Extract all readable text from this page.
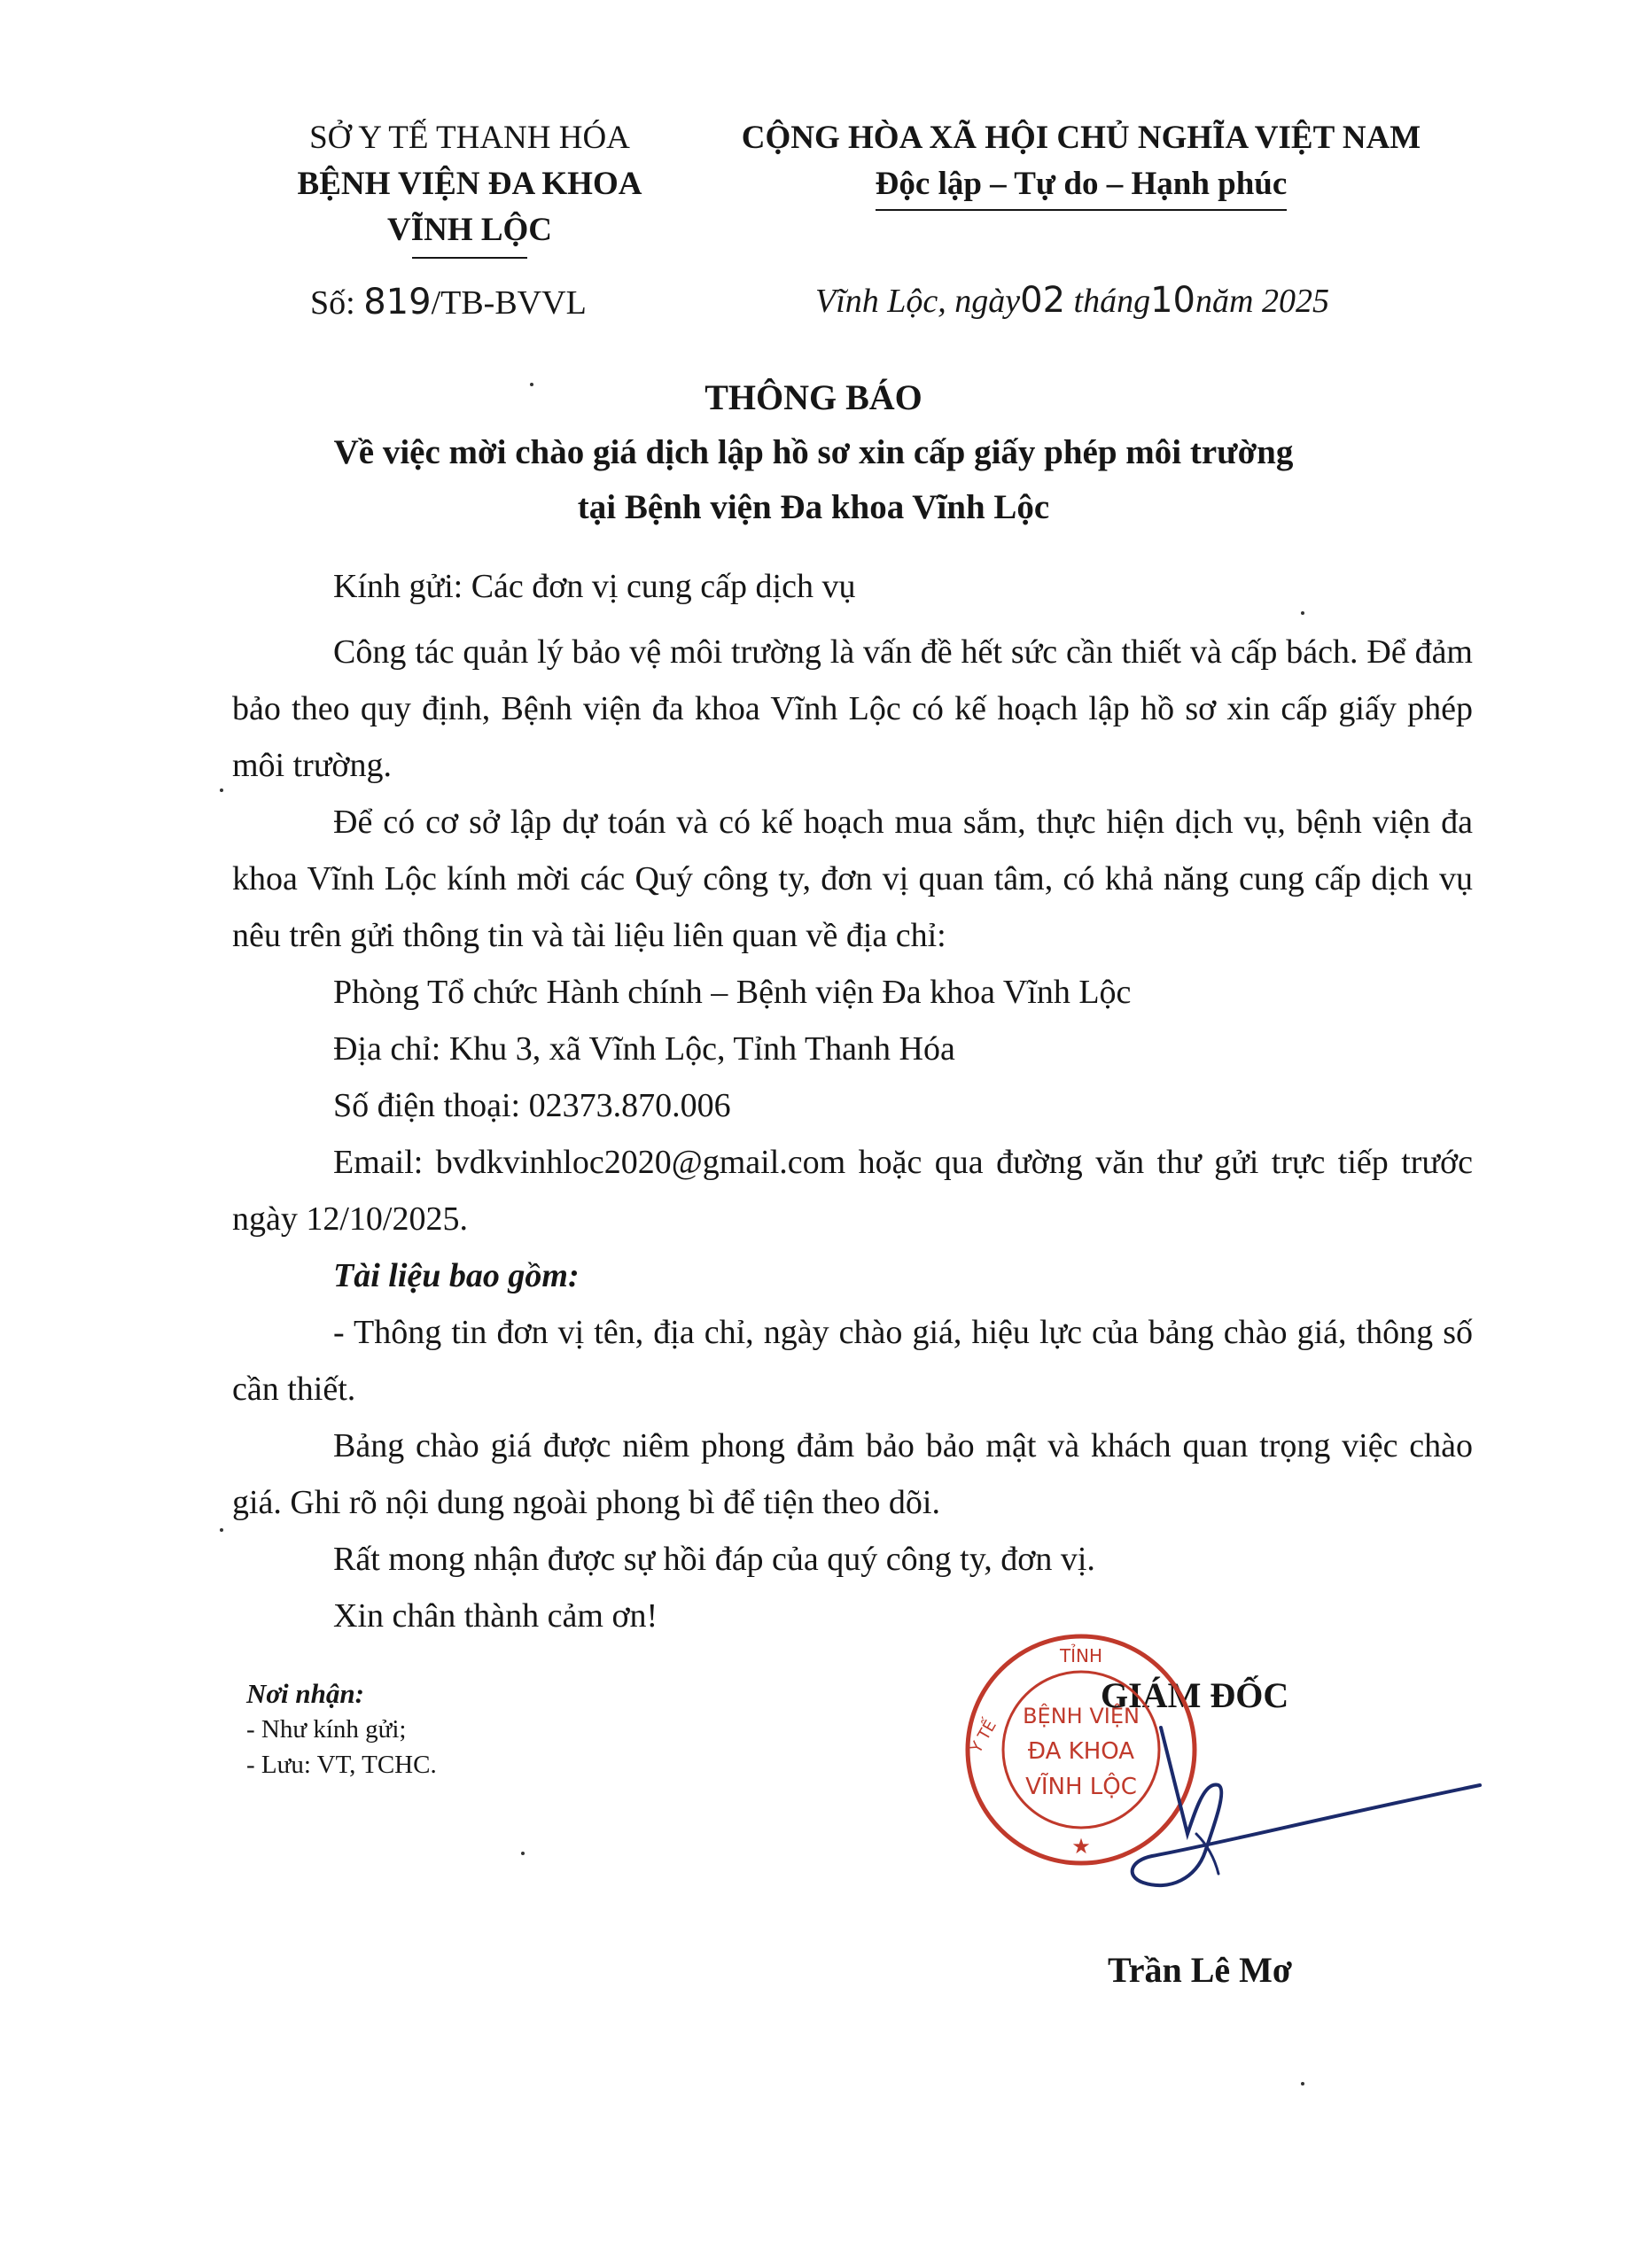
SỞ Y TẾ THANH HÓA
BỆNH VIỆN ĐA KHOA
VĨNH LỘC
CỘNG HÒA XÃ HỘI CHỦ NGHĨA VIỆT NAM
Độc lập – Tự do – Hạnh phúc
Số: 819/TB-BVVL	Vĩnh Lộc, ngày02 tháng10năm 2025
THÔNG BÁO
Về việc mời chào giá dịch lập hồ sơ xin cấp giấy phép môi trường
tại Bệnh viện Đa khoa Vĩnh Lộc

Kính gửi: Các đơn vị cung cấp dịch vụ

Công tác quản lý bảo vệ môi trường là vấn đề hết sức cần thiết và cấp bách. Để đảm bảo theo quy định, Bệnh viện đa khoa Vĩnh Lộc có kế hoạch lập hồ sơ xin cấp giấy phép môi trường.

Để có cơ sở lập dự toán và có kế hoạch mua sắm, thực hiện dịch vụ, bệnh viện đa khoa Vĩnh Lộc kính mời các Quý công ty, đơn vị quan tâm, có khả năng cung cấp dịch vụ nêu trên gửi thông tin và tài liệu liên quan về địa chỉ:

Phòng Tổ chức Hành chính – Bệnh viện Đa khoa Vĩnh Lộc

Địa chỉ: Khu 3, xã Vĩnh Lộc, Tỉnh Thanh Hóa

Số điện thoại: 02373.870.006

Email: bvdkvinhloc2020@gmail.com hoặc qua đường văn thư gửi trực tiếp trước ngày 12/10/2025.

Tài liệu bao gồm:

- Thông tin đơn vị tên, địa chỉ, ngày chào giá, hiệu lực của bảng chào giá, thông số cần thiết.

Bảng chào giá được niêm phong đảm bảo bảo mật và khách quan trọng việc chào giá. Ghi rõ nội dung ngoài phong bì để tiện theo dõi.

Rất mong nhận được sự hồi đáp của quý công ty, đơn vị.

Xin chân thành cảm ơn!

Nơi nhận:
- Như kính gửi;
- Lưu: VT, TCHC.
GIÁM ĐỐC
TỈNH
Y TẾ
BỆNH VIỆN
ĐA KHOA
VĨNH LỘC
★
Trần Lê Mơ
